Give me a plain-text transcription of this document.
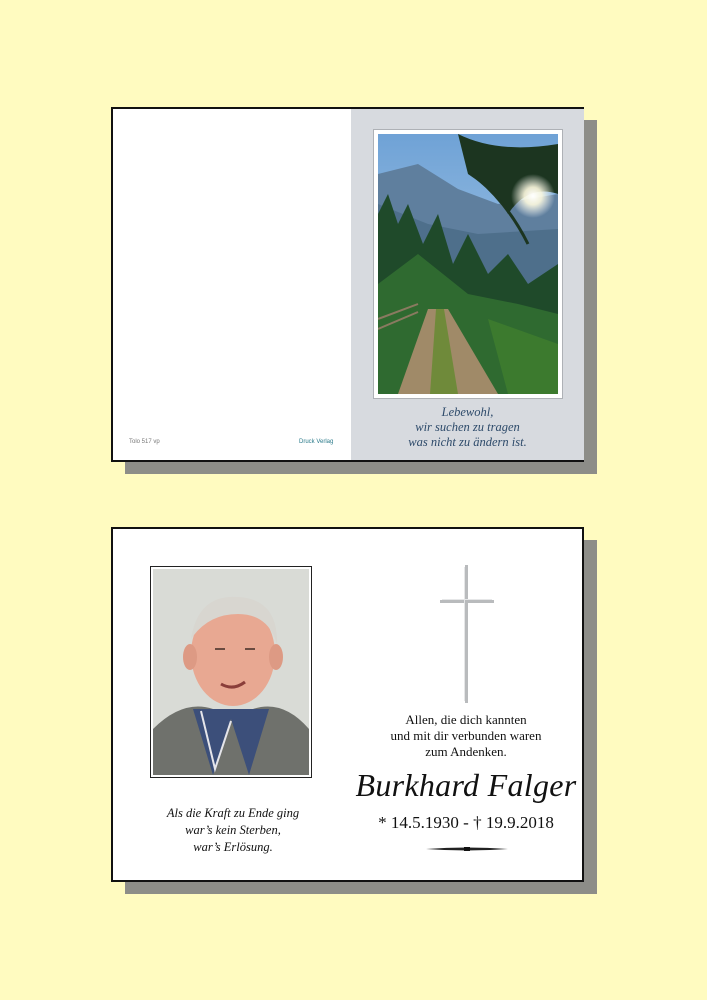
Tolo 517 vp	Druck Verlag
Lebewohl,
wir suchen zu tragen
was nicht zu ändern ist.
Als die Kraft zu Ende ging
war’s kein Sterben,
war’s Erlösung.
Allen, die dich kannten
und mit dir verbunden waren
zum Andenken.
Burkhard Falger
* 14.5.1930 - † 19.9.2018
